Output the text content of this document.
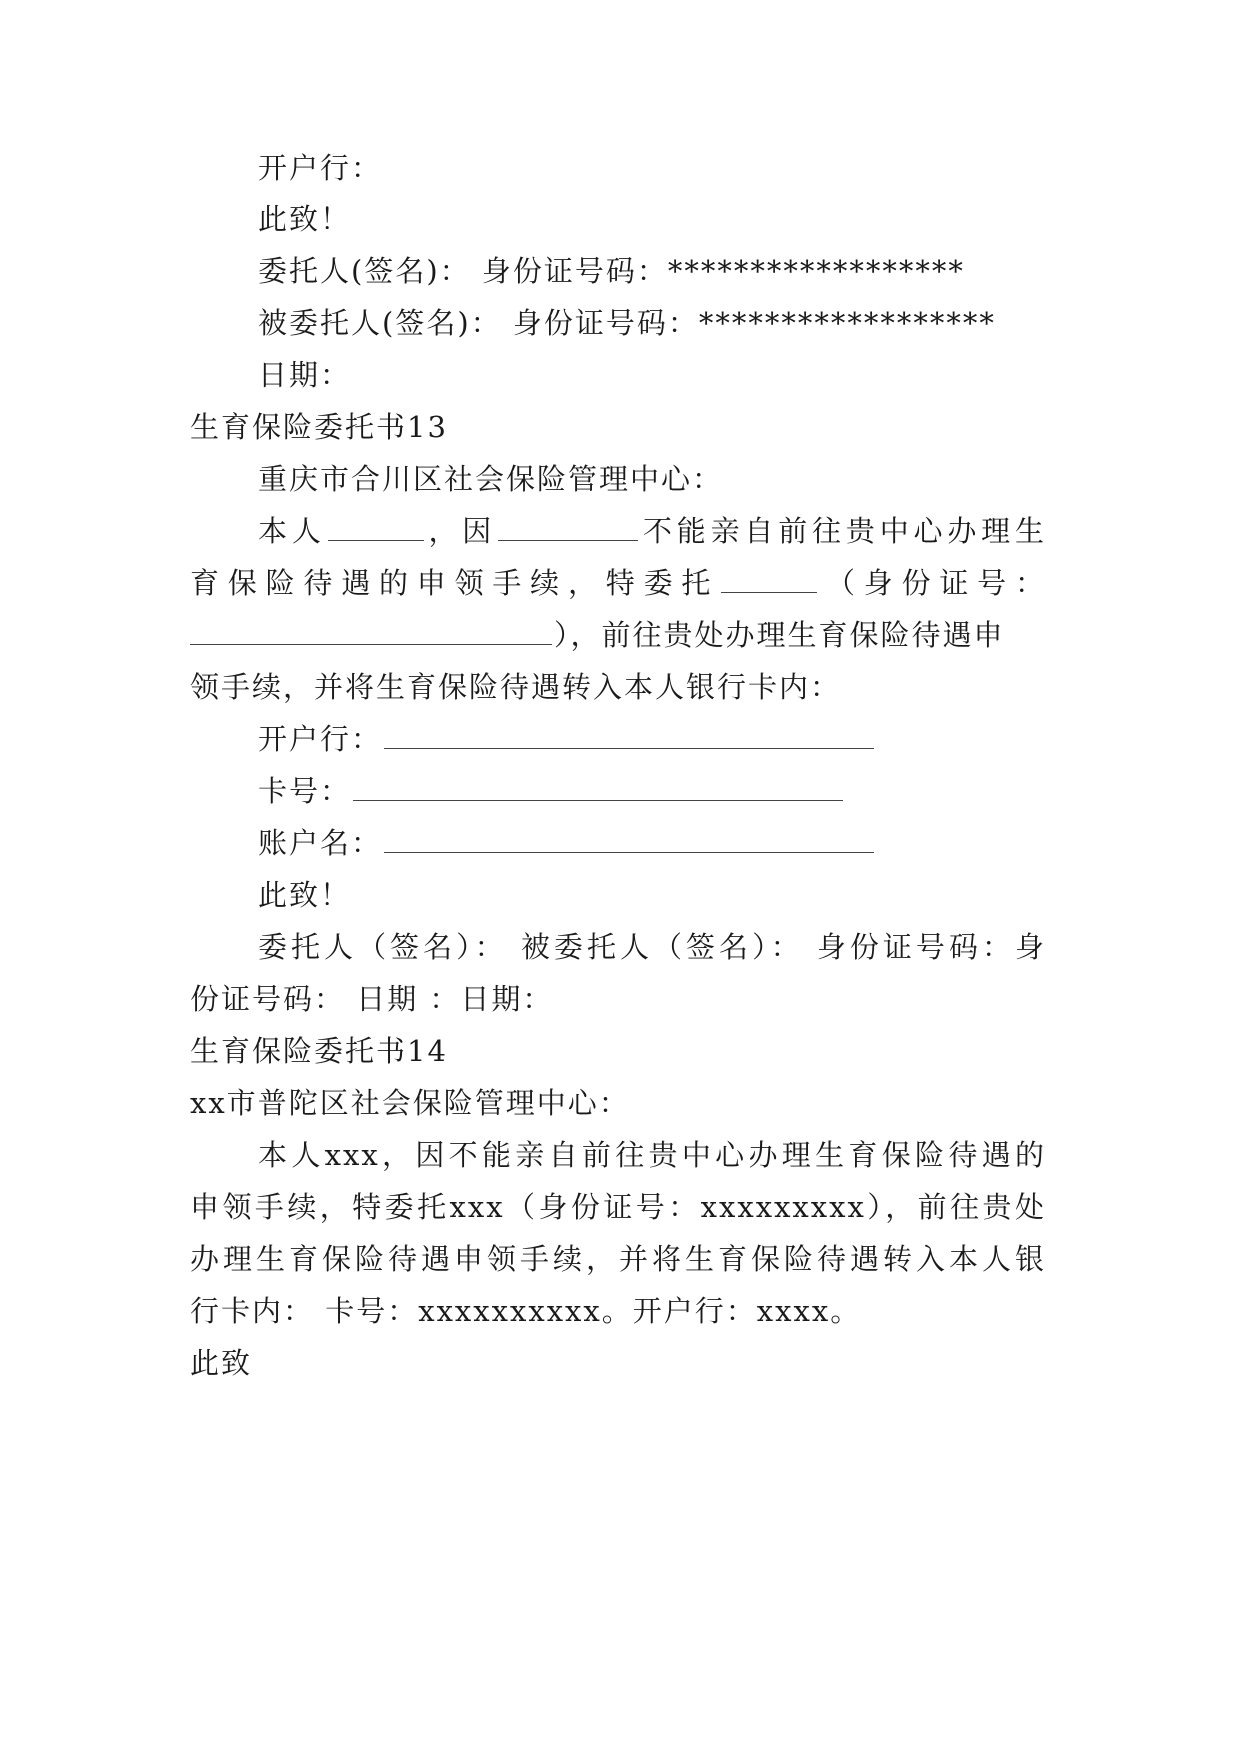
开户行：
此致！
委托人(签名)： 身份证号码：******************
被委托人(签名)： 身份证号码：******************
日期：
生育保险委托书13
重庆市合川区社会保险管理中心：
本人	，因	不能亲自前往贵中心办理生
育保险待遇的申领手续，特委托	（身份证号：
），前往贵处办理生育保险待遇申
领手续，并将生育保险待遇转入本人银行卡内：
开户行：
卡号：
账户名：
此致！
委托人（签名）： 被委托人（签名）： 身份证号码：身
份证号码： 日期 ：日期：
生育保险委托书14
xx市普陀区社会保险管理中心：
本人xxx，因不能亲自前往贵中心办理生育保险待遇的
申领手续，特委托xxx（身份证号：xxxxxxxxx），前往贵处
办理生育保险待遇申领手续，并将生育保险待遇转入本人银
行卡内： 卡号：xxxxxxxxxx。开户行：xxxx。
此致
